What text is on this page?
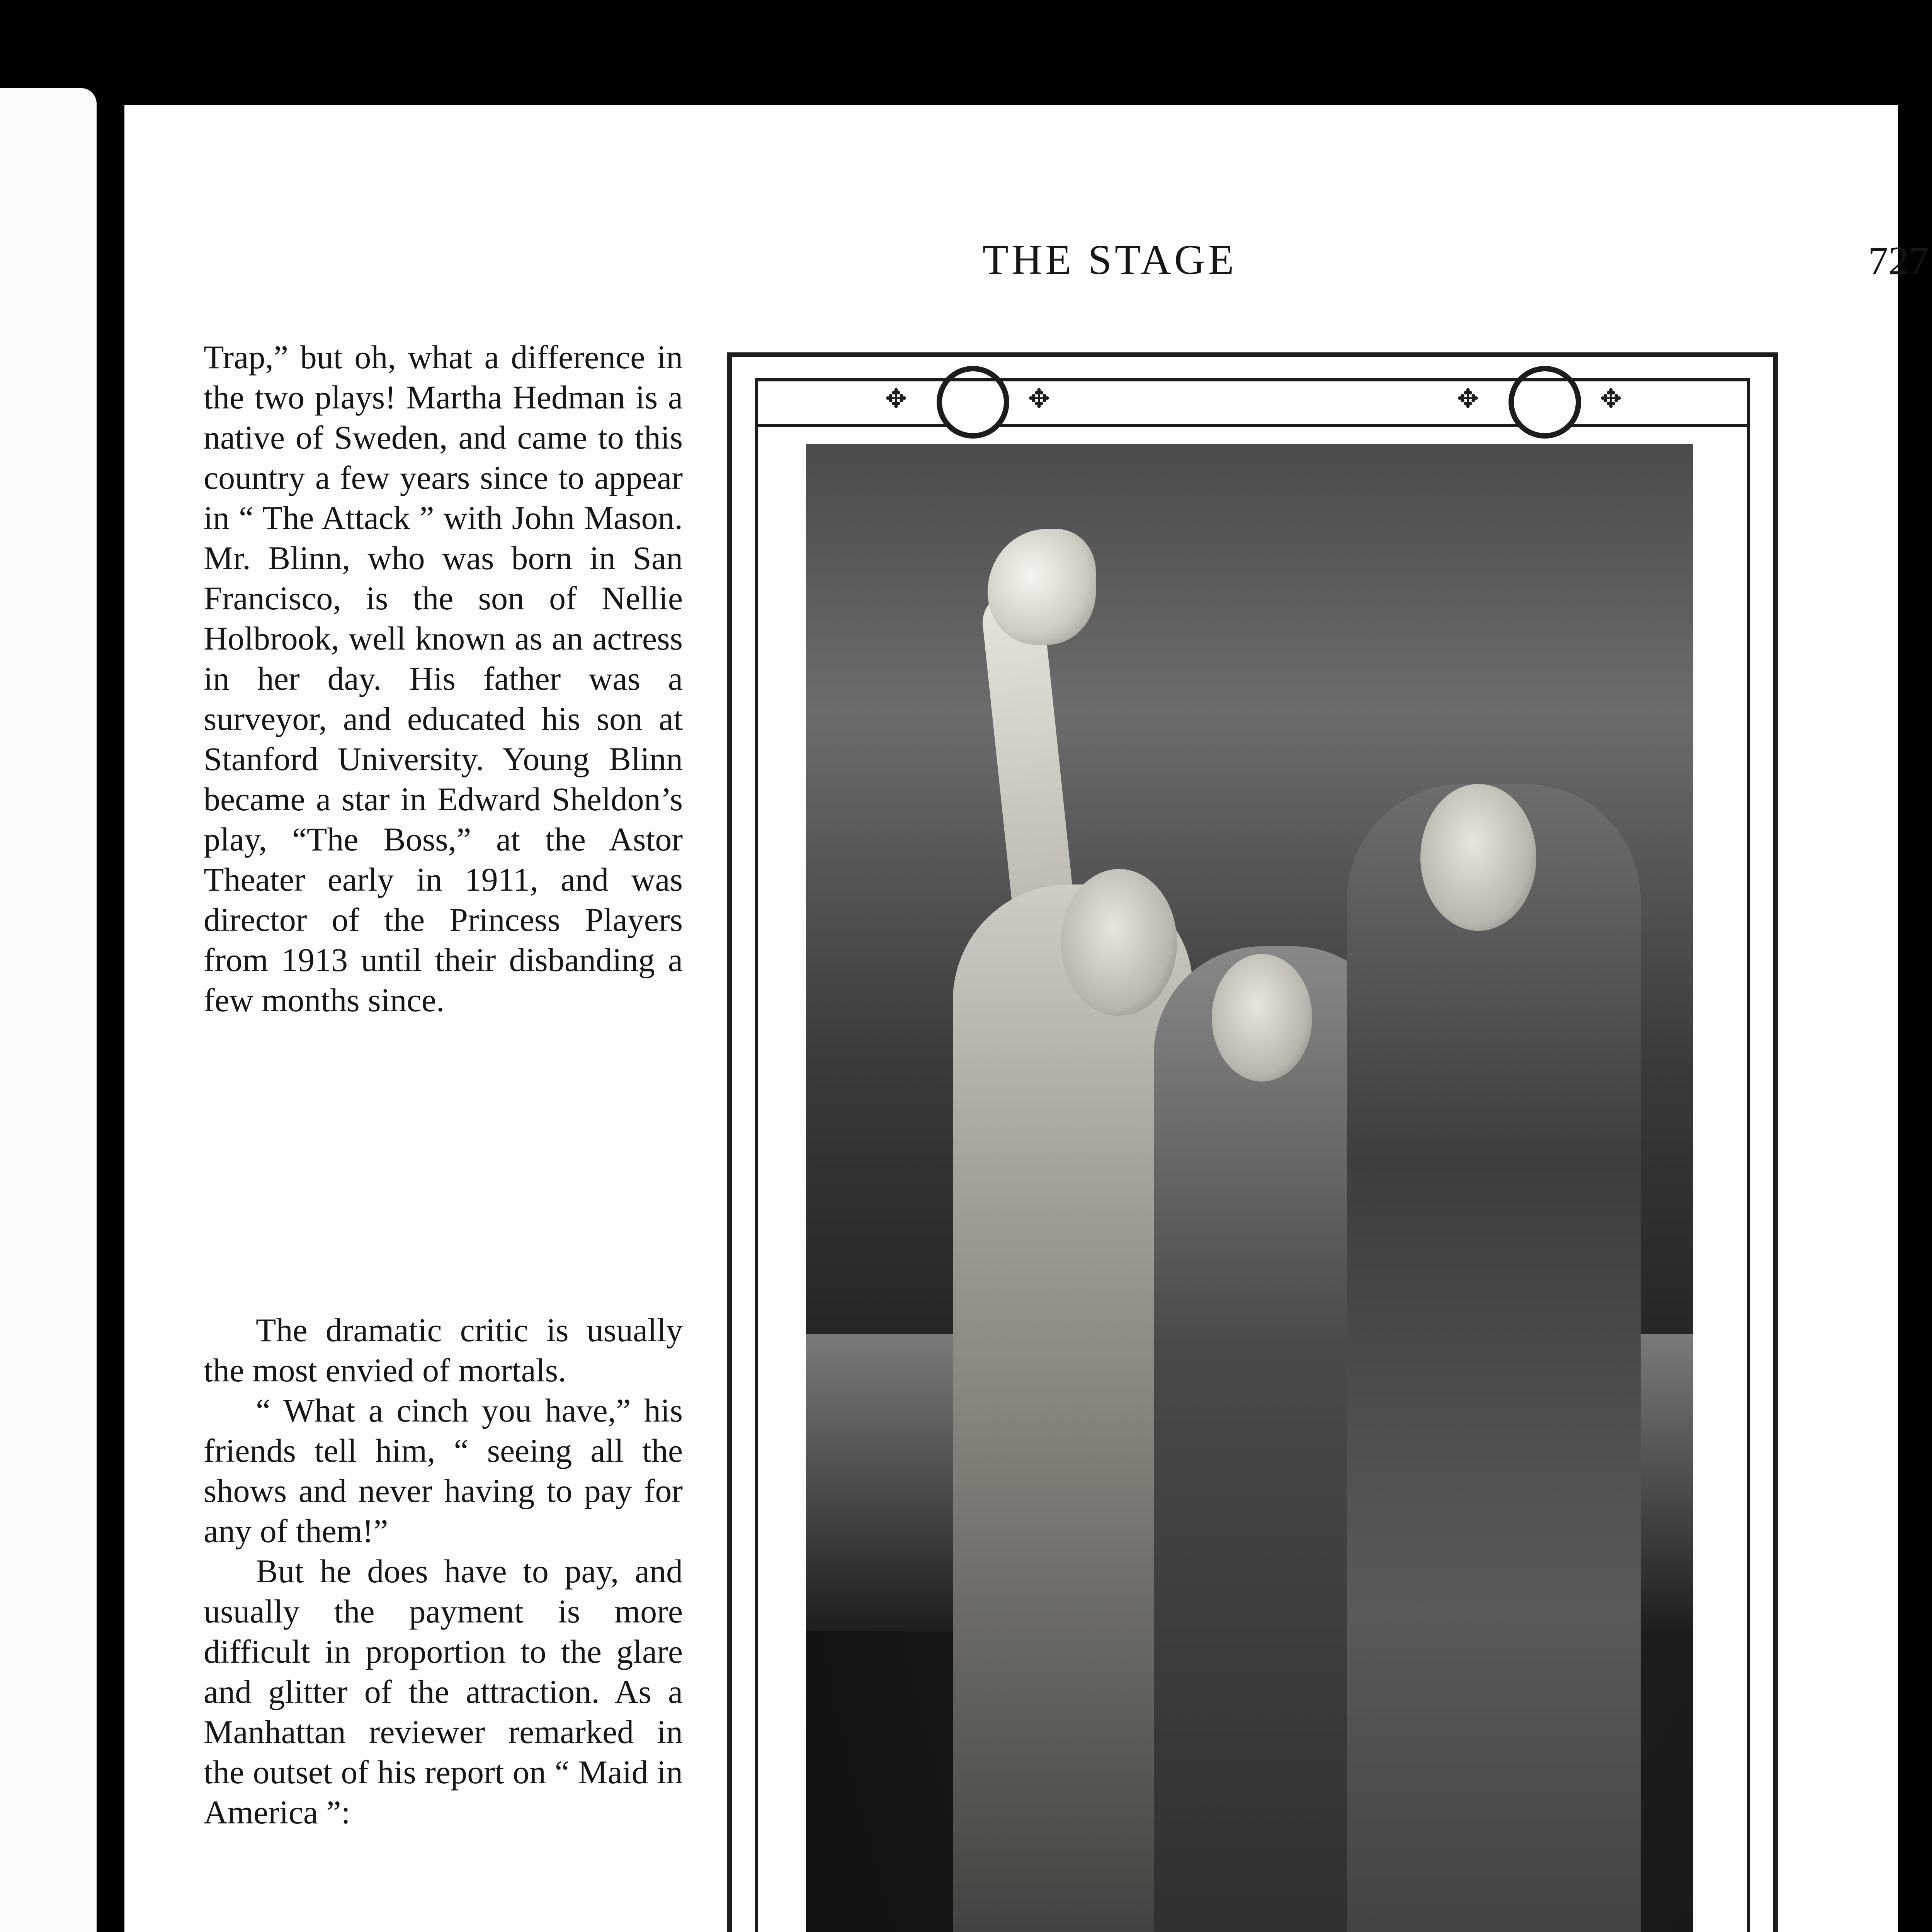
THE STAGE	727

Trap,” but oh, what a difference in the two plays! Martha Hedman is a native of Sweden, and came to this country a few years since to appear in “ The Attack ” with John Mason. Mr. Blinn, who was born in San Francisco, is the son of Nellie Holbrook, well known as an actress in her day. His father was a surveyor, and educated his son at Stanford University. Young Blinn became a star in Edward Sheldon’s play, “The Boss,” at the Astor Theater early in 1911, and was director of the Princess Players from 1913 until their disbanding a few months since.

The dramatic critic is usually the most envied of mortals.

“ What a cinch you have,” his friends tell him, “ seeing all the shows and never having to pay for any of them!”

But he does have to pay, and usually the payment is more difficult in proportion to the glare and glitter of the attraction. As a Manhattan reviewer remarked in the outset of his report on “ Maid in America ”:

✥	✥	✥	✥
